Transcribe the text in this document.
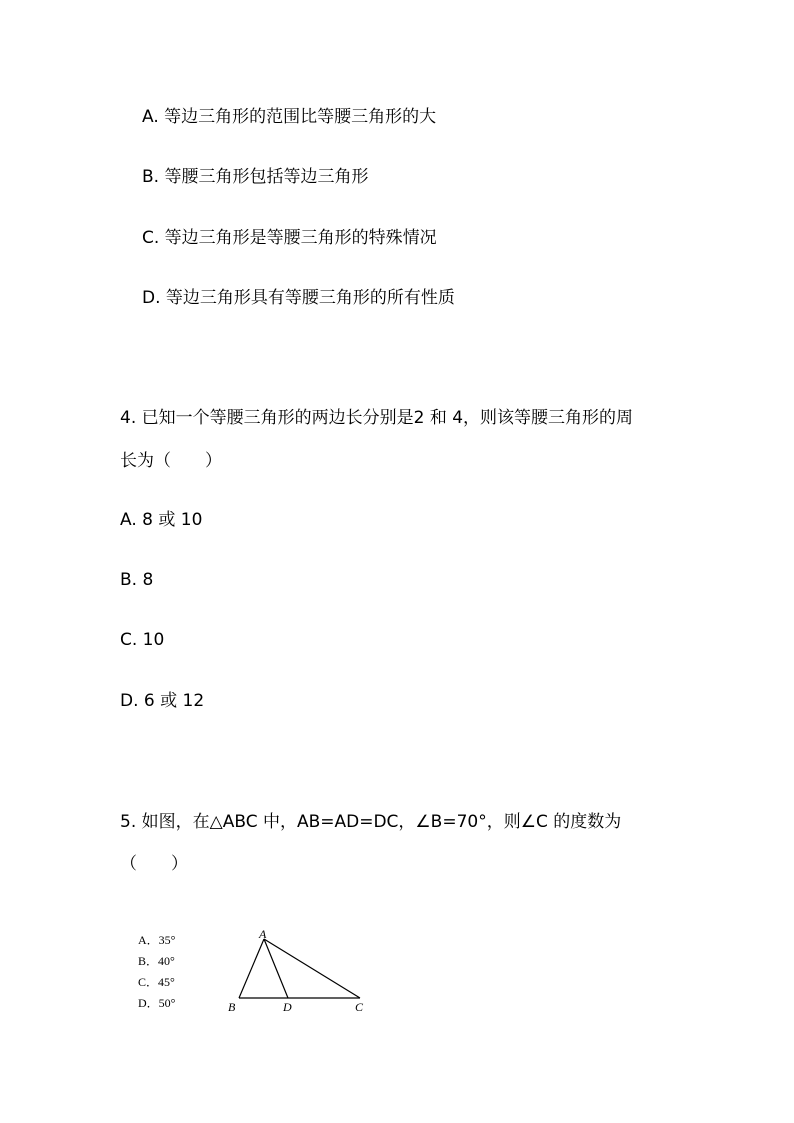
A. 等边三角形的范围比等腰三角形的大
B. 等腰三角形包括等边三角形
C. 等边三角形是等腰三角形的特殊情况
D. 等边三角形具有等腰三角形的所有性质
4. 已知一个等腰三角形的两边长分别是2 和 4，则该等腰三角形的周
长为（　　）
A. 8 或 10
B. 8
C. 10
D. 6 或 12
5. 如图，在△ABC 中，AB=AD=DC，∠B=70°，则∠C 的度数为
（　　）
A．35°
B．40°
C．45°
D．50°
A
B	D	C
